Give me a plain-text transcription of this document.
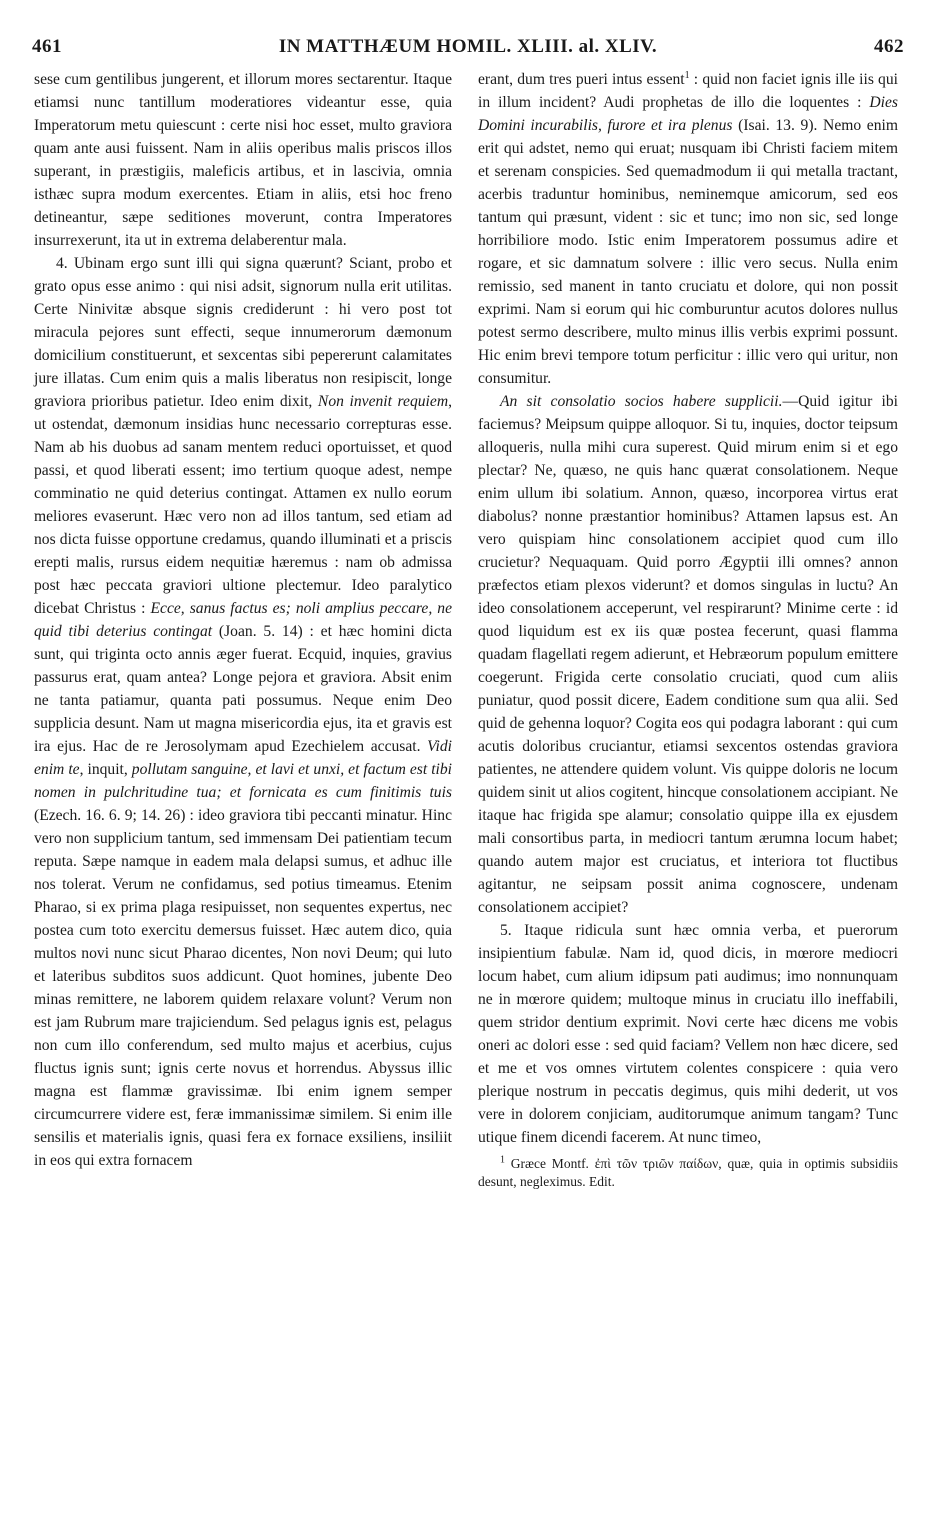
461	IN MATTHÆUM HOMIL. XLIII. al. XLIV.	462

sese cum gentilibus jungerent, et illorum mores sectarentur. Itaque etiamsi nunc tantillum moderatiores videantur esse, quia Imperatorum metu quiescunt : certe nisi hoc esset, multo graviora quam ante ausi fuissent. Nam in aliis operibus malis priscos illos superant, in præstigiis, maleficis artibus, et in lascivia, omnia isthæc supra modum exercentes. Etiam in aliis, etsi hoc freno detineantur, sæpe seditiones moverunt, contra Imperatores insurrexerunt, ita ut in extrema delaberentur mala.

4. Ubinam ergo sunt illi qui signa quærunt? Sciant, probo et grato opus esse animo : qui nisi adsit, signorum nulla erit utilitas. Certe Ninivitæ absque signis crediderunt : hi vero post tot miracula pejores sunt effecti, seque innumerorum dæmonum domicilium constituerunt, et sexcentas sibi pepererunt calamitates jure illatas. Cum enim quis a malis liberatus non resipiscit, longe graviora prioribus patietur. Ideo enim dixit, Non invenit requiem, ut ostendat, dæmonum insidias hunc necessario correpturas esse. Nam ab his duobus ad sanam mentem reduci oportuisset, et quod passi, et quod liberati essent; imo tertium quoque adest, nempe comminatio ne quid deterius contingat. Attamen ex nullo eorum meliores evaserunt. Hæc vero non ad illos tantum, sed etiam ad nos dicta fuisse opportune credamus, quando illuminati et a priscis erepti malis, rursus eidem nequitiæ hæremus : nam ob admissa post hæc peccata graviori ultione plectemur. Ideo paralytico dicebat Christus : Ecce, sanus factus es; noli amplius peccare, ne quid tibi deterius contingat (Joan. 5. 14) : et hæc homini dicta sunt, qui triginta octo annis æger fuerat. Ecquid, inquies, gravius passurus erat, quam antea? Longe pejora et graviora. Absit enim ne tanta patiamur, quanta pati possumus. Neque enim Deo supplicia desunt. Nam ut magna misericordia ejus, ita et gravis est ira ejus. Hac de re Jerosolymam apud Ezechielem accusat. Vidi enim te, inquit, pollutam sanguine, et lavi et unxi, et factum est tibi nomen in pulchritudine tua; et fornicata es cum finitimis tuis (Ezech. 16. 6. 9; 14. 26) : ideo graviora tibi peccanti minatur. Hinc vero non supplicium tantum, sed immensam Dei patientiam tecum reputa. Sæpe namque in eadem mala delapsi sumus, et adhuc ille nos tolerat. Verum ne confidamus, sed potius timeamus. Etenim Pharao, si ex prima plaga resipuisset, non sequentes expertus, nec postea cum toto exercitu demersus fuisset. Hæc autem dico, quia multos novi nunc sicut Pharao dicentes, Non novi Deum; qui luto et lateribus subditos suos addicunt. Quot homines, jubente Deo minas remittere, ne laborem quidem relaxare volunt? Verum non est jam Rubrum mare trajiciendum. Sed pelagus ignis est, pelagus non cum illo conferendum, sed multo majus et acerbius, cujus fluctus ignis sunt; ignis certe novus et horrendus. Abyssus illic magna est flammæ gravissimæ. Ibi enim ignem semper circumcurrere videre est, feræ immanissimæ similem. Si enim ille sensilis et materialis ignis, quasi fera ex fornace exsiliens, insiliit in eos qui extra fornacem

erant, dum tres pueri intus essent$^1$ : quid non faciet ignis ille iis qui in illum incident? Audi prophetas de illo die loquentes : Dies Domini incurabilis, furore et ira plenus (Isai. 13. 9). Nemo enim erit qui adstet, nemo qui eruat; nusquam ibi Christi faciem mitem et serenam conspicies. Sed quemadmodum ii qui metalla tractant, acerbis traduntur hominibus, neminemque amicorum, sed eos tantum qui præsunt, vident : sic et tunc; imo non sic, sed longe horribiliore modo. Istic enim Imperatorem possumus adire et rogare, et sic damnatum solvere : illic vero secus. Nulla enim remissio, sed manent in tanto cruciatu et dolore, qui non possit exprimi. Nam si eorum qui hic comburuntur acutos dolores nullus potest sermo describere, multo minus illis verbis exprimi possunt. Hic enim brevi tempore totum perficitur : illic vero qui uritur, non consumitur.

An sit consolatio socios habere supplicii.—Quid igitur ibi faciemus? Meipsum quippe alloquor. Si tu, inquies, doctor teipsum alloqueris, nulla mihi cura superest. Quid mirum enim si et ego plectar? Ne, quæso, ne quis hanc quærat consolationem. Neque enim ullum ibi solatium. Annon, quæso, incorporea virtus erat diabolus? nonne præstantior hominibus? Attamen lapsus est. An vero quispiam hinc consolationem accipiet quod cum illo crucietur? Nequaquam. Quid porro Ægyptii illi omnes? annon præfectos etiam plexos viderunt? et domos singulas in luctu? An ideo consolationem acceperunt, vel respirarunt? Minime certe : id quod liquidum est ex iis quæ postea fecerunt, quasi flamma quadam flagellati regem adierunt, et Hebræorum populum emittere coegerunt. Frigida certe consolatio cruciati, quod cum aliis puniatur, quod possit dicere, Eadem conditione sum qua alii. Sed quid de gehenna loquor? Cogita eos qui podagra laborant : qui cum acutis doloribus cruciantur, etiamsi sexcentos ostendas graviora patientes, ne attendere quidem volunt. Vis quippe doloris ne locum quidem sinit ut alios cogitent, hincque consolationem accipiant. Ne itaque hac frigida spe alamur; consolatio quippe illa ex ejusdem mali consortibus parta, in mediocri tantum ærumna locum habet; quando autem major est cruciatus, et interiora tot fluctibus agitantur, ne seipsam possit anima cognoscere, undenam consolationem accipiet?

5. Itaque ridicula sunt hæc omnia verba, et puerorum insipientium fabulæ. Nam id, quod dicis, in mœrore mediocri locum habet, cum alium idipsum pati audimus; imo nonnunquam ne in mœrore quidem; multoque minus in cruciatu illo ineffabili, quem stridor dentium exprimit. Novi certe hæc dicens me vobis oneri ac dolori esse : sed quid faciam? Vellem non hæc dicere, sed et me et vos omnes virtutem colentes conspicere : quia vero plerique nostrum in peccatis degimus, quis mihi dederit, ut vos vere in dolorem conjiciam, auditorumque animum tangam? Tunc utique finem dicendi facerem. At nunc timeo,

$^1$ Græce Montf. ἐπὶ τῶν τριῶν παίδων, quæ, quia in optimis subsidiis desunt, negleximus. Edit.
